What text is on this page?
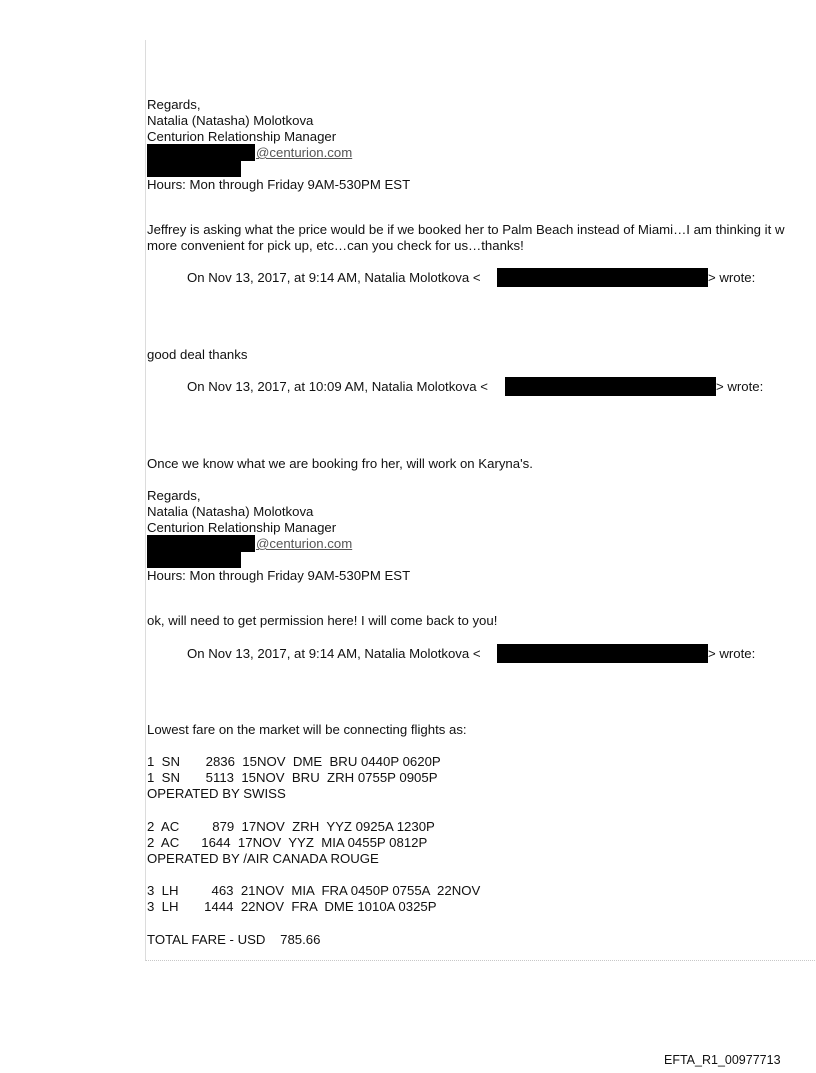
Regards,
Natalia (Natasha) Molotkova
Centurion Relationship Manager
@centurion.com
Hours: Mon through Friday 9AM-530PM EST
Jeffrey is asking what the price would be if we booked her to Palm Beach instead of Miami…I am thinking it w
more convenient for pick up, etc…can you check for us…thanks!
On Nov 13, 2017, at 9:14 AM, Natalia Molotkova <	> wrote:
good deal thanks
On Nov 13, 2017, at 10:09 AM, Natalia Molotkova <	> wrote:
Once we know what we are booking fro her, will work on Karyna's.
Regards,
Natalia (Natasha) Molotkova
Centurion Relationship Manager
@centurion.com
Hours: Mon through Friday 9AM-530PM EST
ok, will need to get permission here! I will come back to you!
On Nov 13, 2017, at 9:14 AM, Natalia Molotkova <	> wrote:
Lowest fare on the market will be connecting flights as:
1  SN       2836  15NOV  DME  BRU 0440P 0620P
1  SN       5113  15NOV  BRU  ZRH 0755P 0905P
OPERATED BY SWISS
2  AC         879  17NOV  ZRH  YYZ 0925A 1230P
2  AC      1644  17NOV  YYZ  MIA 0455P 0812P
OPERATED BY /AIR CANADA ROUGE
3  LH         463  21NOV  MIA  FRA 0450P 0755A  22NOV
3  LH       1444  22NOV  FRA  DME 1010A 0325P
TOTAL FARE - USD    785.66
EFTA_R1_00977713
